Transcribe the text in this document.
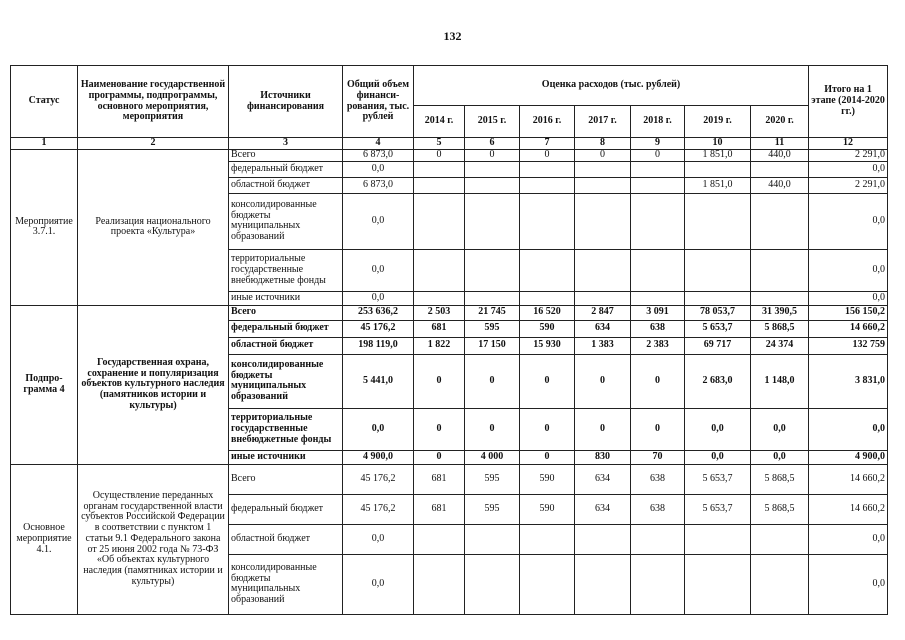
132
Статус	Наименование государственной программы, подпрограммы, основного мероприятия, мероприятия	Источники финансирования	Общий объем финанси-рования, тыс. рублей	Оценка расходов (тыс. рублей)							Итого на 1 этапе (2014-2020 гг.)
				2014 г.	2015 г.	2016 г.	2017 г.	2018 г.	2019 г.	2020 г.	
1	2	3	4	5	6	7	8	9	10	11	12
Мероприятие 3.7.1.	Реализация национального проекта «Культура»	Всего	6 873,0	0	0	0	0	0	1 851,0	440,0	2 291,0
		федеральный бюджет	0,0								0,0
		областной бюджет	6 873,0						1 851,0	440,0	2 291,0
		консолидированные бюджеты муниципальных образований	0,0								0,0
		территориальные государственные внебюджетные фонды	0,0								0,0
		иные источники	0,0								0,0
Подпро-грамма 4	Государственная охрана, сохранение и популяризация объектов культурного наследия (памятников истории и культуры)	Всего	253 636,2	2 503	21 745	16 520	2 847	3 091	78 053,7	31 390,5	156 150,2
		федеральный бюджет	45 176,2	681	595	590	634	638	5 653,7	5 868,5	14 660,2
		областной бюджет	198 119,0	1 822	17 150	15 930	1 383	2 383	69 717	24 374	132 759
		консолидированные бюджеты муниципальных образований	5 441,0	0	0	0	0	0	2 683,0	1 148,0	3 831,0
		территориальные государственные внебюджетные фонды	0,0	0	0	0	0	0	0,0	0,0	0,0
		иные источники	4 900,0	0	4 000	0	830	70	0,0	0,0	4 900,0
Основное мероприятие 4.1.	Осуществление переданных органам государственной власти субъектов Российской Федерации в соответствии с пунктом 1 статьи 9.1 Федерального закона от 25 июня 2002 года № 73-ФЗ «Об объектах культурного наследия (памятниках истории и культуры)	Всего	45 176,2	681	595	590	634	638	5 653,7	5 868,5	14 660,2
		федеральный бюджет	45 176,2	681	595	590	634	638	5 653,7	5 868,5	14 660,2
		областной бюджет	0,0								0,0
		консолидированные бюджеты муниципальных образований	0,0								0,0
